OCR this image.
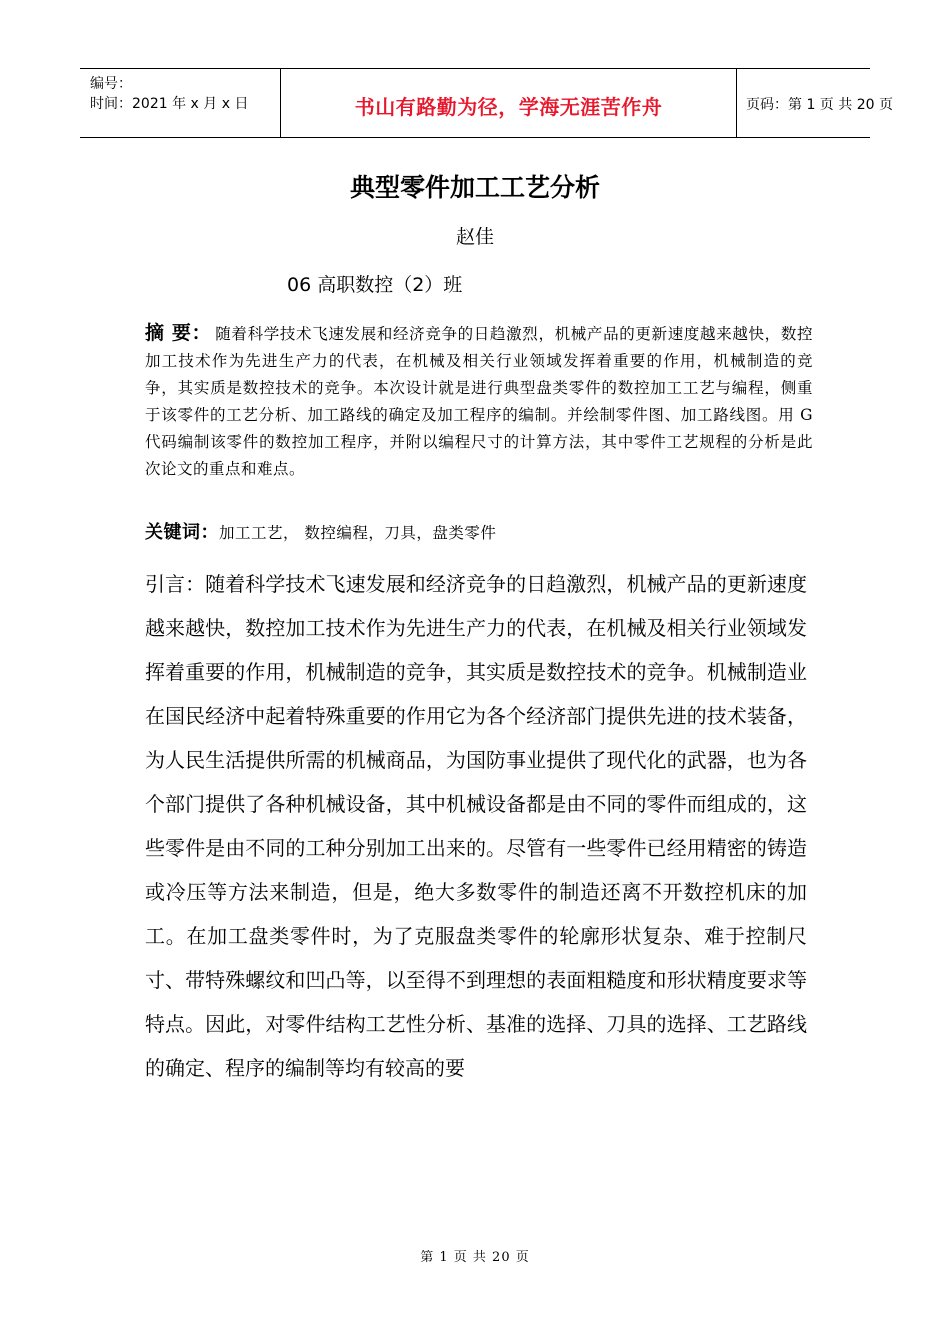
编号：
时间：2021 年 x 月 x 日	书山有路勤为径，学海无涯苦作舟	页码：第 1 页 共 20 页
典型零件加工工艺分析
赵佳
06 高职数控（2）班
摘 要： 随着科学技术飞速发展和经济竞争的日趋激烈，机械产品的更新速度越来越快，数控加工技术作为先进生产力的代表，在机械及相关行业领域发挥着重要的作用，机械制造的竞争，其实质是数控技术的竞争。本次设计就是进行典型盘类零件的数控加工工艺与编程，侧重于该零件的工艺分析、加工路线的确定及加工程序的编制。并绘制零件图、加工路线图。用 G 代码编制该零件的数控加工程序，并附以编程尺寸的计算方法，其中零件工艺规程的分析是此次论文的重点和难点。
关键词：加工工艺， 数控编程，刀具，盘类零件
引言：随着科学技术飞速发展和经济竞争的日趋激烈，机械产品的更新速度越来越快，数控加工技术作为先进生产力的代表，在机械及相关行业领域发挥着重要的作用，机械制造的竞争，其实质是数控技术的竞争。机械制造业在国民经济中起着特殊重要的作用它为各个经济部门提供先进的技术装备，为人民生活提供所需的机械商品，为国防事业提供了现代化的武器，也为各个部门提供了各种机械设备，其中机械设备都是由不同的零件而组成的，这些零件是由不同的工种分别加工出来的。尽管有一些零件已经用精密的铸造或冷压等方法来制造，但是，绝大多数零件的制造还离不开数控机床的加工。在加工盘类零件时，为了克服盘类零件的轮廓形状复杂、难于控制尺寸、带特殊螺纹和凹凸等，以至得不到理想的表面粗糙度和形状精度要求等特点。因此，对零件结构工艺性分析、基准的选择、刀具的选择、工艺路线的确定、程序的编制等均有较高的要
第 1 页 共 20 页
